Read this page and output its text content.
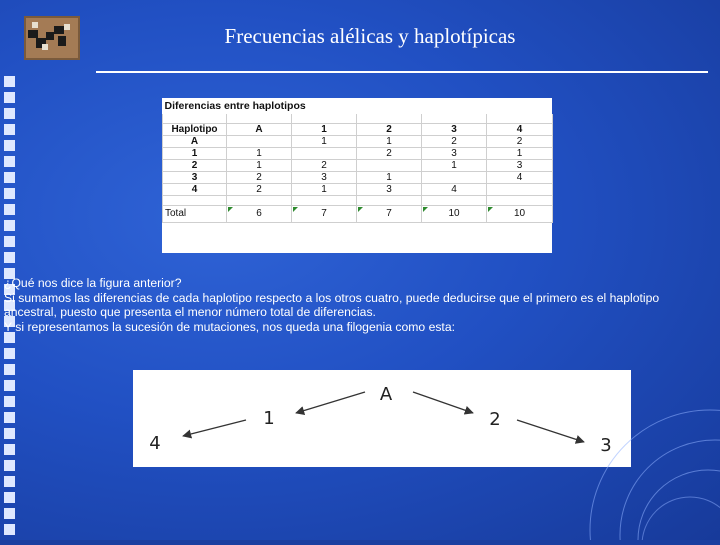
Frecuencias alélicas y haplotípicas
Diferencias entre haplotipos					

Haplotipo	A	1	2	3	4
A		1	1	2	2
1	1		2	3	1
2	1	2		1	3
3	2	3	1		4
4	2	1	3	4	

Total	6	7	7	10	10

¿Qué nos dice la figura anterior?

Si sumamos las diferencias de cada haplotipo respecto a los otros cuatro, puede deducirse que el primero es el haplotipo ancestral, puesto que presenta el menor número total de diferencias.

Y si representamos la sucesión de mutaciones, nos queda una filogenia como esta:

A
1	2
4	3
